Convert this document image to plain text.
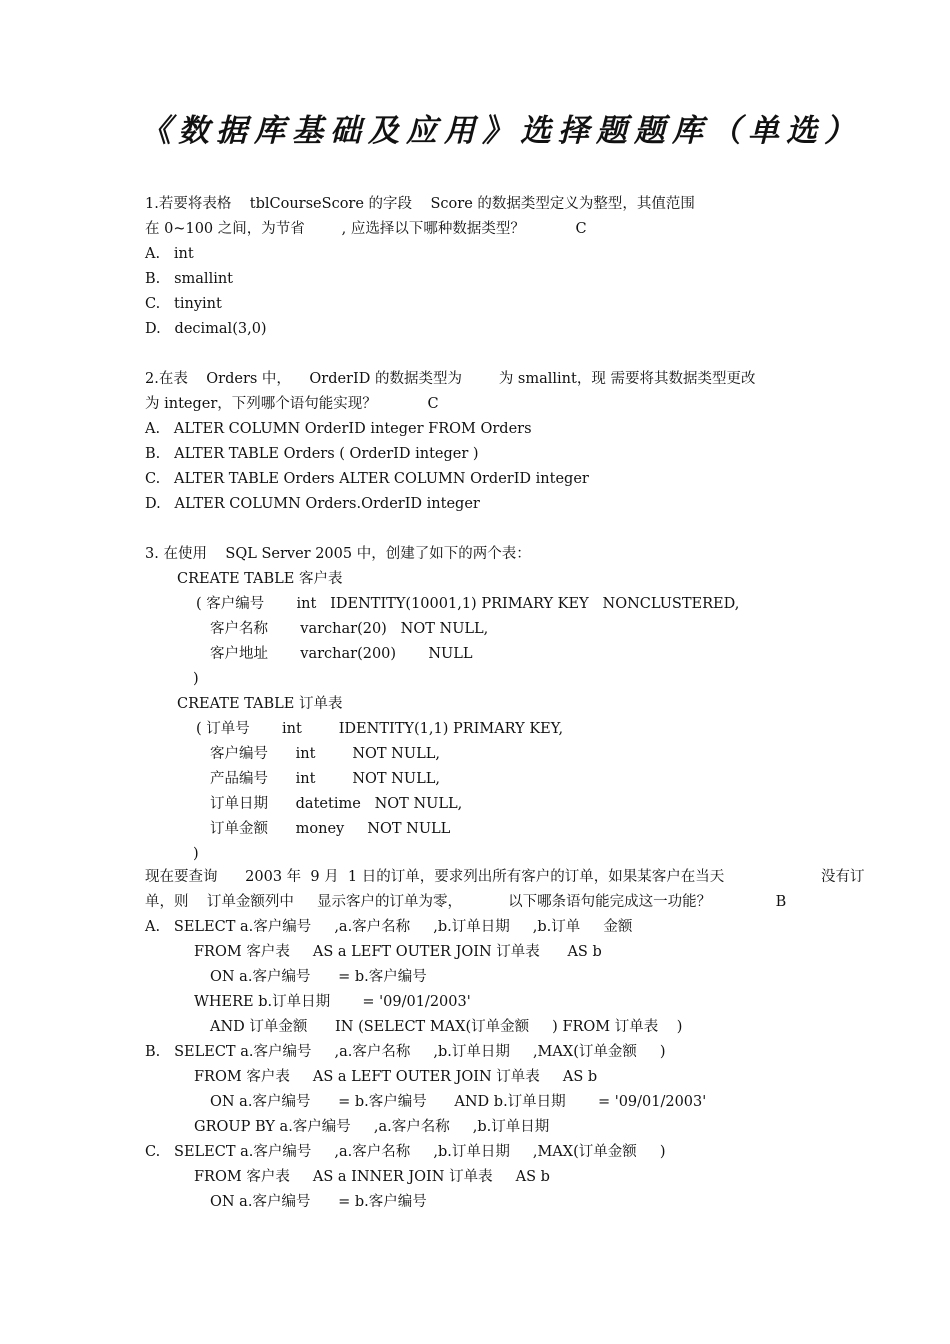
《数据库基础及应用》选择题题库（单选）
1.若要将表格    tblCourseScore 的字段    Score 的数据类型定义为整型，其值范围
在 0~100 之间，为节省        , 应选择以下哪种数据类型？           C
A.   int
B.   smallint
C.   tinyint
D.   decimal(3,0)
2.在表    Orders 中，    OrderID 的数据类型为        为 smallint，现 需要将其数据类型更改
为 integer，下列哪个语句能实现？           C
A.   ALTER COLUMN OrderID integer FROM Orders
B.   ALTER TABLE Orders ( OrderID integer )
C.   ALTER TABLE Orders ALTER COLUMN OrderID integer
D.   ALTER COLUMN Orders.OrderID integer
3. 在使用    SQL Server 2005 中，创建了如下的两个表：
CREATE TABLE 客户表
( 客户编号       int   IDENTITY(10001,1) PRIMARY KEY   NONCLUSTERED,
客户名称       varchar(20)   NOT NULL,
客户地址       varchar(200)       NULL
)
CREATE TABLE 订单表
( 订单号       int        IDENTITY(1,1) PRIMARY KEY,
客户编号      int        NOT NULL,
产品编号      int        NOT NULL,
订单日期      datetime   NOT NULL,
订单金额      money     NOT NULL
)
现在要查询      2003 年  9 月  1 日的订单，要求列出所有客户的订单，如果某客户在当天                     没有订
单，则    订单金额列中     显示客户的订单为零，          以下哪条语句能完成这一功能？              B
A.   SELECT a.客户编号     ,a.客户名称     ,b.订单日期     ,b.订单     金额
FROM 客户表     AS a LEFT OUTER JOIN 订单表      AS b
ON a.客户编号      = b.客户编号
WHERE b.订单日期       = '09/01/2003'
AND 订单金额      IN (SELECT MAX(订单金额     ) FROM 订单表    )
B.   SELECT a.客户编号     ,a.客户名称     ,b.订单日期     ,MAX(订单金额     )
FROM 客户表     AS a LEFT OUTER JOIN 订单表     AS b
ON a.客户编号      = b.客户编号      AND b.订单日期       = '09/01/2003'
GROUP BY a.客户编号     ,a.客户名称     ,b.订单日期
C.   SELECT a.客户编号     ,a.客户名称     ,b.订单日期     ,MAX(订单金额     )
FROM 客户表     AS a INNER JOIN 订单表     AS b
ON a.客户编号      = b.客户编号
